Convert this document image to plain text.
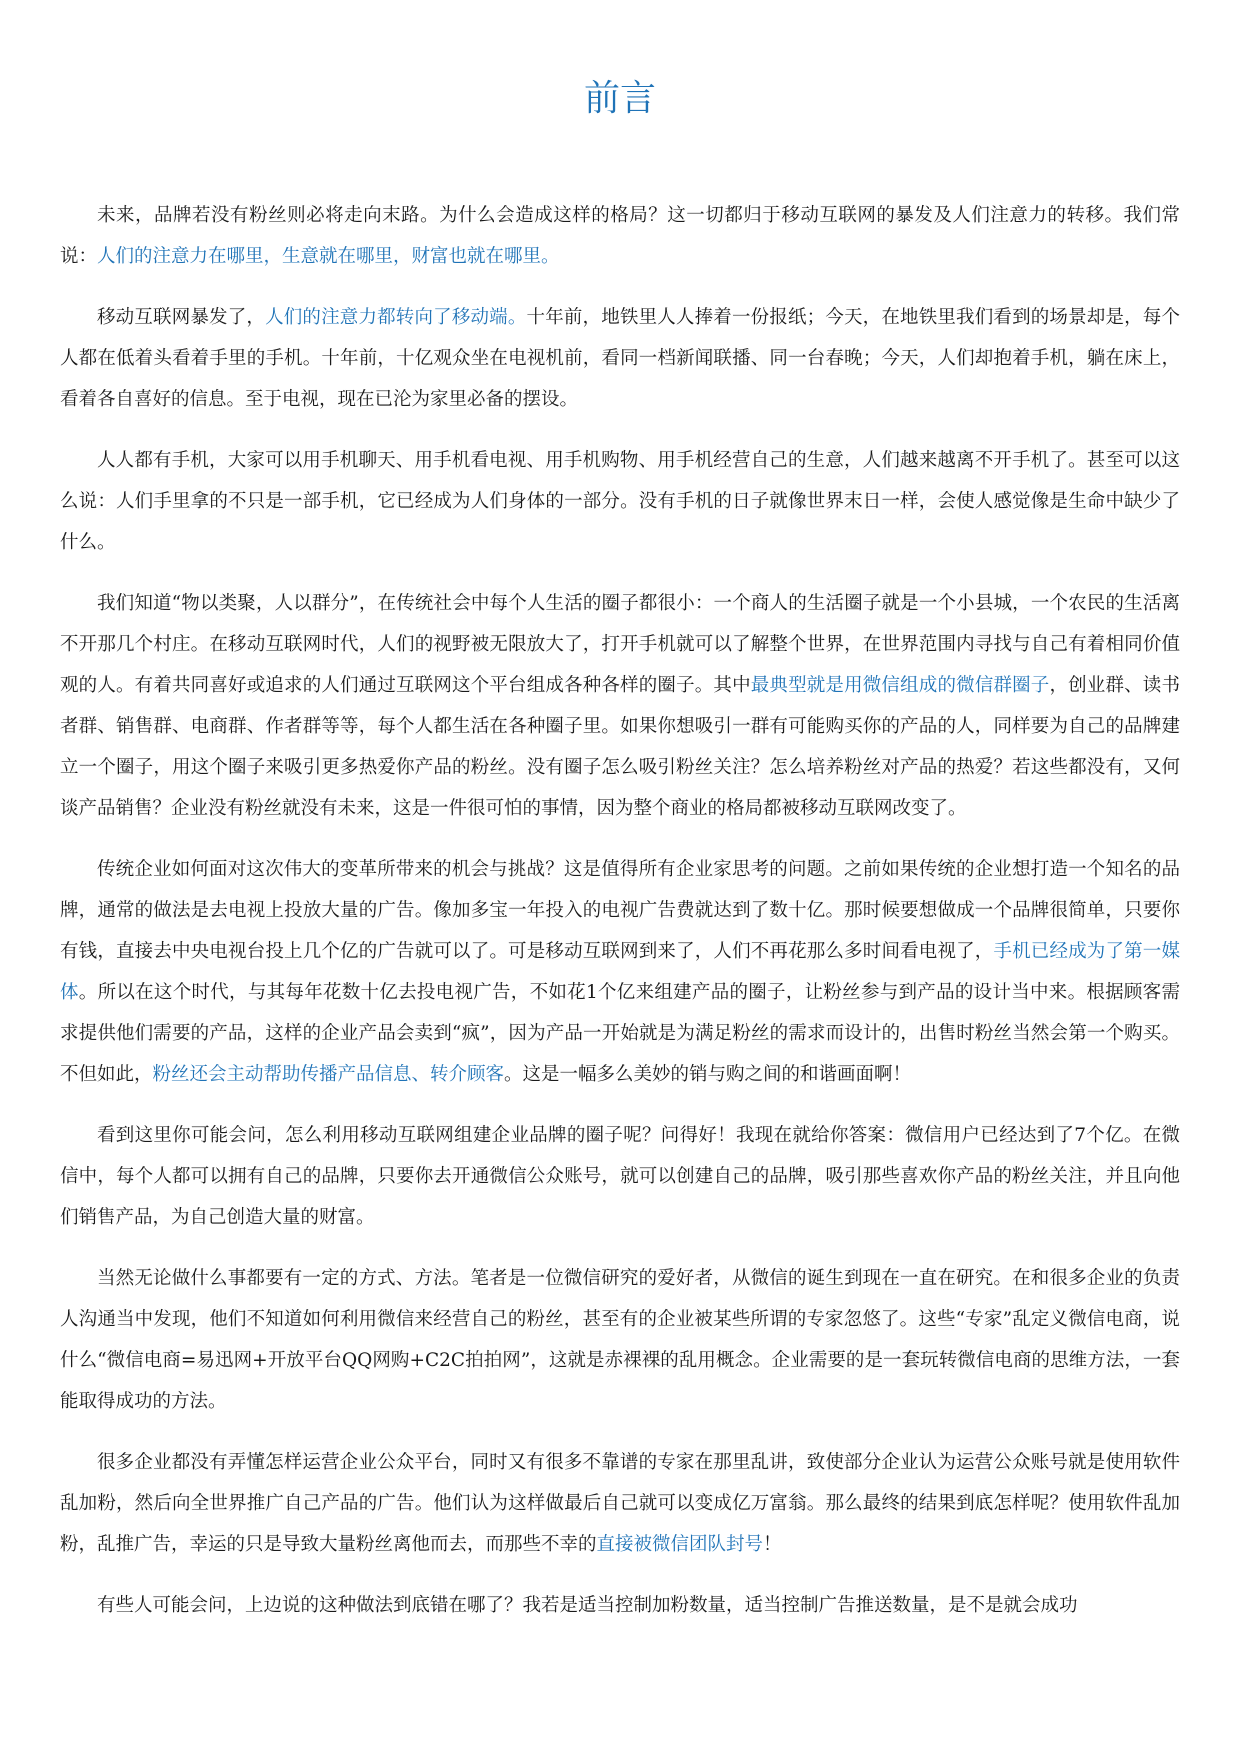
前言

未来，品牌若没有粉丝则必将走向末路。为什么会造成这样的格局？这一切都归于移动互联网的暴发及人们注意力的转移。我们常说：人们的注意力在哪里，生意就在哪里，财富也就在哪里。

移动互联网暴发了，人们的注意力都转向了移动端。十年前，地铁里人人捧着一份报纸；今天，在地铁里我们看到的场景却是，每个人都在低着头看着手里的手机。十年前，十亿观众坐在电视机前，看同一档新闻联播、同一台春晚；今天，人们却抱着手机，躺在床上，看着各自喜好的信息。至于电视，现在已沦为家里必备的摆设。

人人都有手机，大家可以用手机聊天、用手机看电视、用手机购物、用手机经营自己的生意，人们越来越离不开手机了。甚至可以这么说：人们手里拿的不只是一部手机，它已经成为人们身体的一部分。没有手机的日子就像世界末日一样，会使人感觉像是生命中缺少了什么。

我们知道“物以类聚，人以群分”，在传统社会中每个人生活的圈子都很小：一个商人的生活圈子就是一个小县城，一个农民的生活离不开那几个村庄。在移动互联网时代，人们的视野被无限放大了，打开手机就可以了解整个世界，在世界范围内寻找与自己有着相同价值观的人。有着共同喜好或追求的人们通过互联网这个平台组成各种各样的圈子。其中最典型就是用微信组成的微信群圈子，创业群、读书者群、销售群、电商群、作者群等等，每个人都生活在各种圈子里。如果你想吸引一群有可能购买你的产品的人，同样要为自己的品牌建立一个圈子，用这个圈子来吸引更多热爱你产品的粉丝。没有圈子怎么吸引粉丝关注？怎么培养粉丝对产品的热爱？若这些都没有，又何谈产品销售？企业没有粉丝就没有未来，这是一件很可怕的事情，因为整个商业的格局都被移动互联网改变了。

传统企业如何面对这次伟大的变革所带来的机会与挑战？这是值得所有企业家思考的问题。之前如果传统的企业想打造一个知名的品牌，通常的做法是去电视上投放大量的广告。像加多宝一年投入的电视广告费就达到了数十亿。那时候要想做成一个品牌很简单，只要你有钱，直接去中央电视台投上几个亿的广告就可以了。可是移动互联网到来了，人们不再花那么多时间看电视了，手机已经成为了第一媒体。所以在这个时代，与其每年花数十亿去投电视广告，不如花1个亿来组建产品的圈子，让粉丝参与到产品的设计当中来。根据顾客需求提供他们需要的产品，这样的企业产品会卖到“疯”，因为产品一开始就是为满足粉丝的需求而设计的，出售时粉丝当然会第一个购买。不但如此，粉丝还会主动帮助传播产品信息、转介顾客。这是一幅多么美妙的销与购之间的和谐画面啊！

看到这里你可能会问，怎么利用移动互联网组建企业品牌的圈子呢？问得好！我现在就给你答案：微信用户已经达到了7个亿。在微信中，每个人都可以拥有自己的品牌，只要你去开通微信公众账号，就可以创建自己的品牌，吸引那些喜欢你产品的粉丝关注，并且向他们销售产品，为自己创造大量的财富。

当然无论做什么事都要有一定的方式、方法。笔者是一位微信研究的爱好者，从微信的诞生到现在一直在研究。在和很多企业的负责人沟通当中发现，他们不知道如何利用微信来经营自己的粉丝，甚至有的企业被某些所谓的专家忽悠了。这些“专家”乱定义微信电商，说什么“微信电商=易迅网+开放平台QQ网购+C2C拍拍网”，这就是赤裸裸的乱用概念。企业需要的是一套玩转微信电商的思维方法，一套能取得成功的方法。

很多企业都没有弄懂怎样运营企业公众平台，同时又有很多不靠谱的专家在那里乱讲，致使部分企业认为运营公众账号就是使用软件乱加粉，然后向全世界推广自己产品的广告。他们认为这样做最后自己就可以变成亿万富翁。那么最终的结果到底怎样呢？使用软件乱加粉，乱推广告，幸运的只是导致大量粉丝离他而去，而那些不幸的直接被微信团队封号！

有些人可能会问，上边说的这种做法到底错在哪了？我若是适当控制加粉数量，适当控制广告推送数量，是不是就会成功
